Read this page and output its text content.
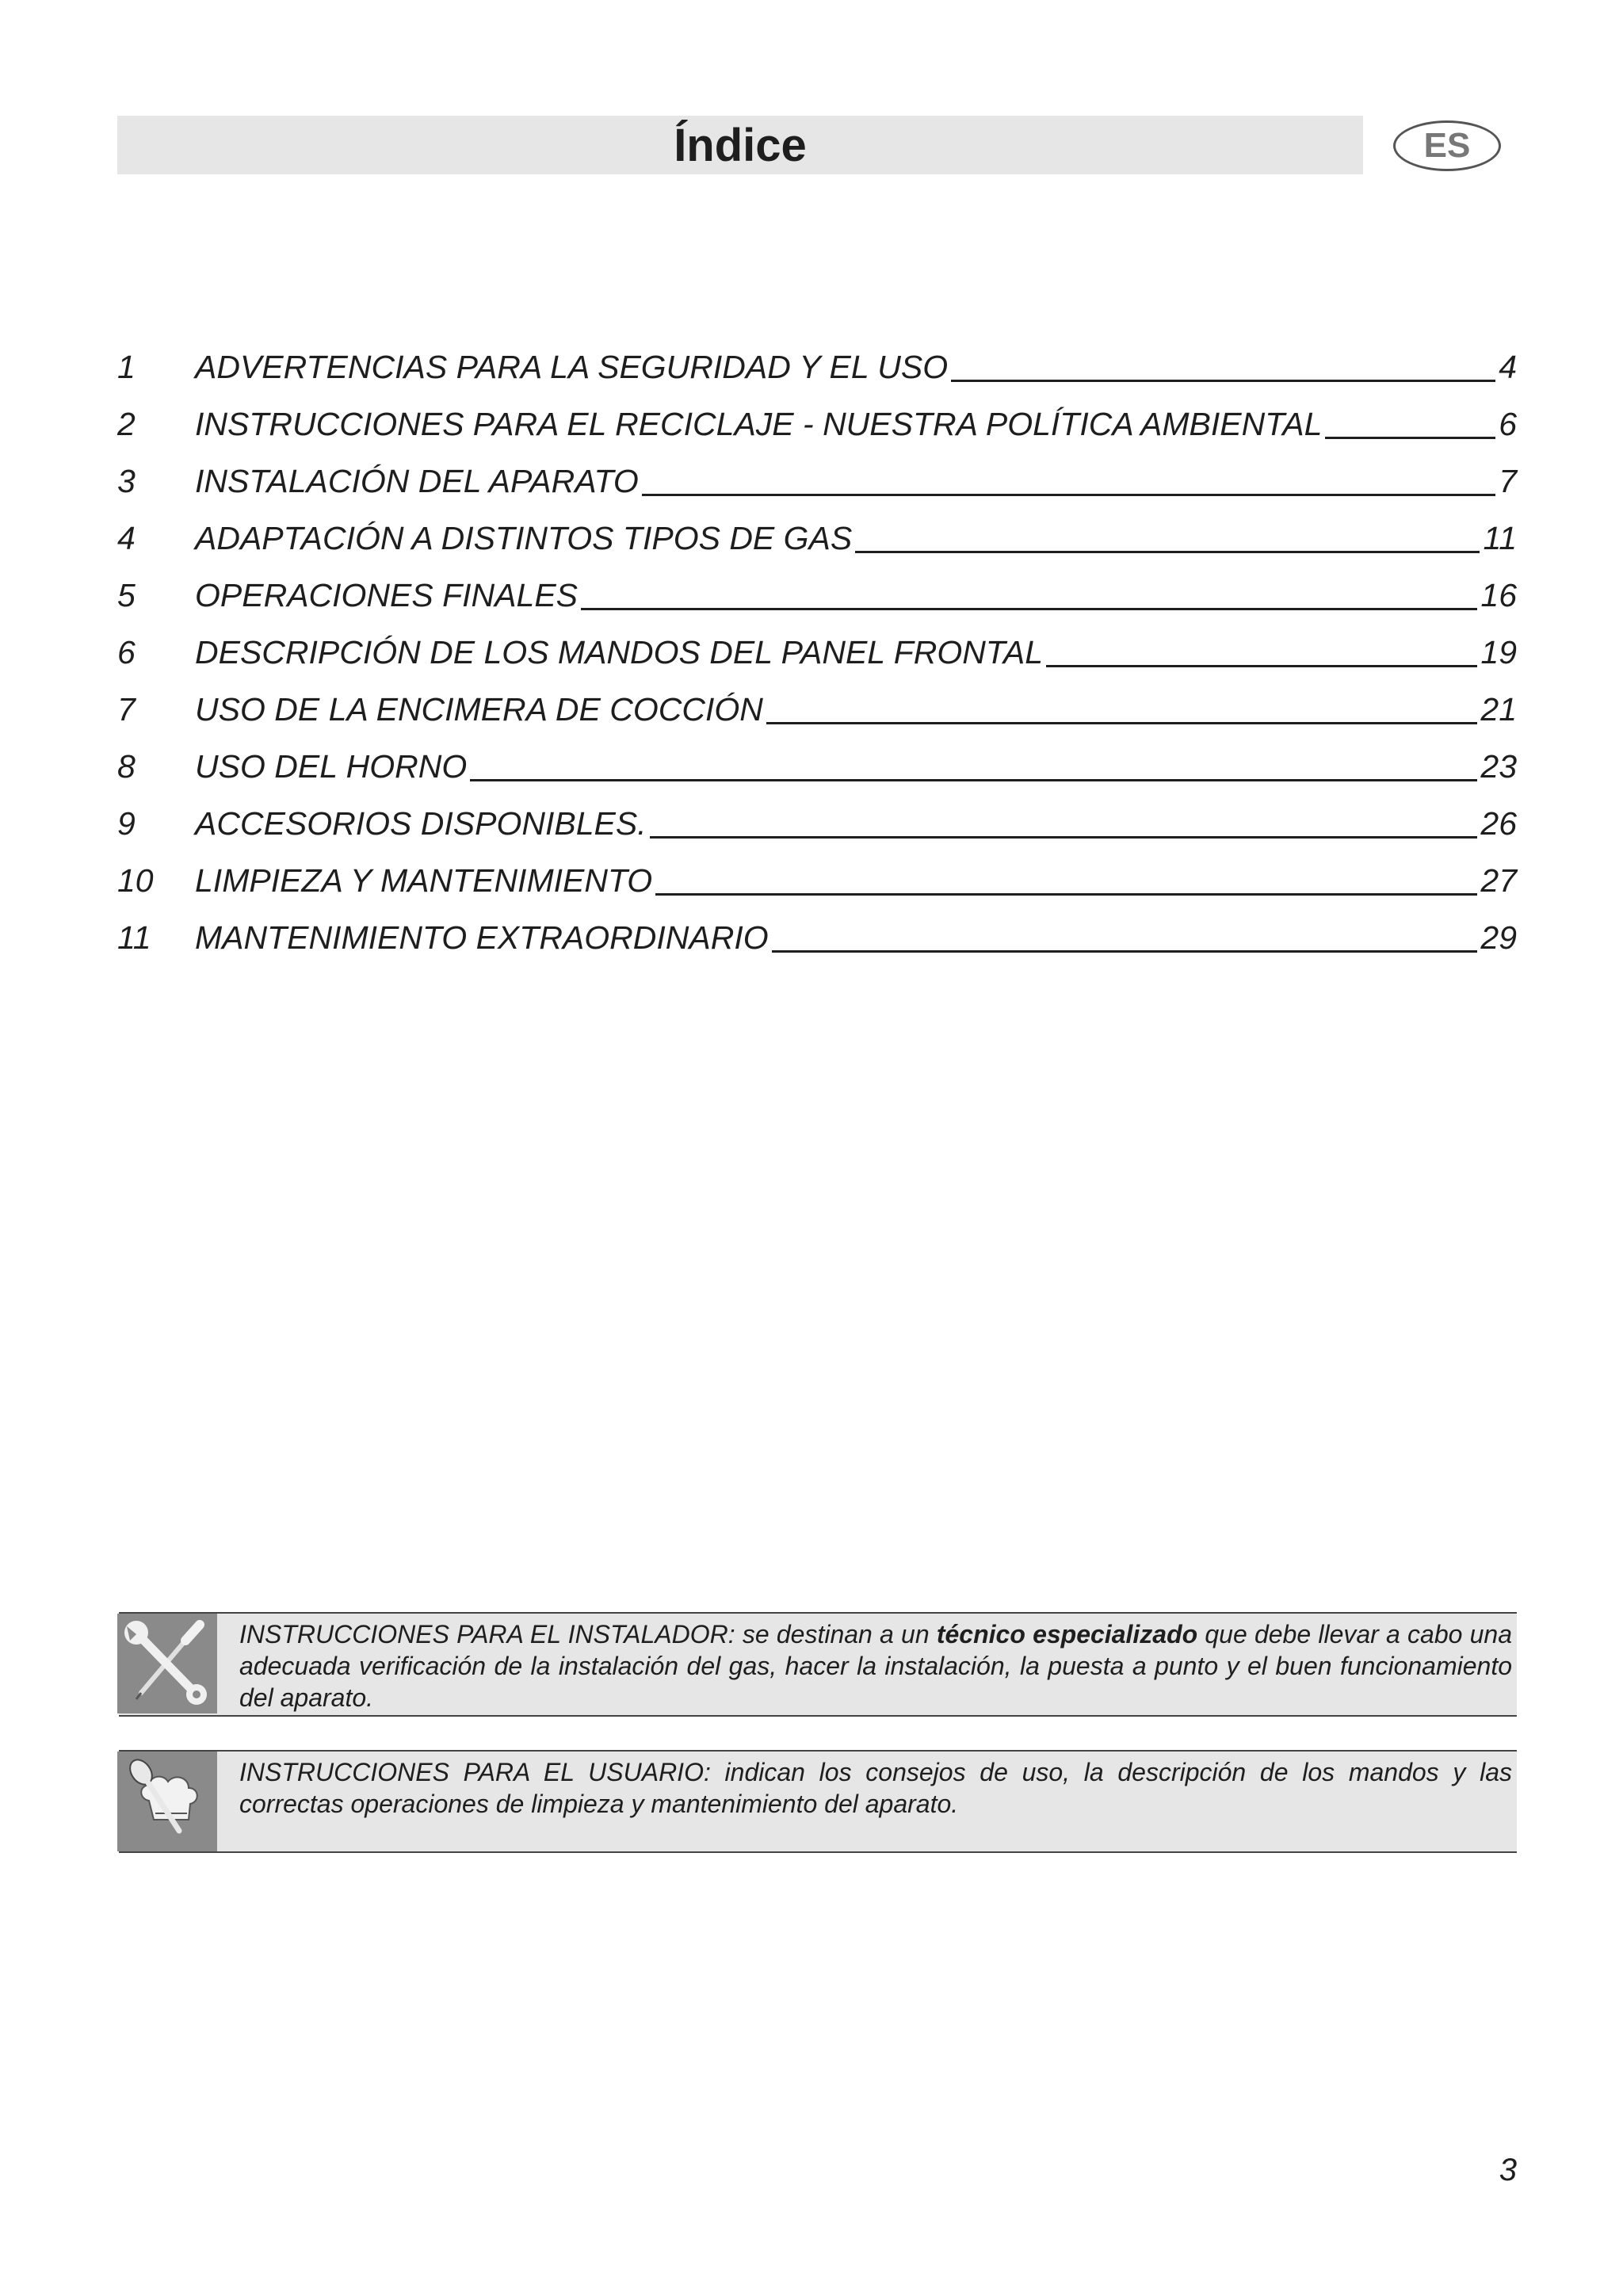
Índice	ES
1	ADVERTENCIAS PARA LA SEGURIDAD Y EL USO	4
2	INSTRUCCIONES PARA EL RECICLAJE - NUESTRA POLÍTICA AMBIENTAL	6
3	INSTALACIÓN DEL APARATO	7
4	ADAPTACIÓN A DISTINTOS TIPOS DE GAS	11
5	OPERACIONES FINALES	16
6	DESCRIPCIÓN DE LOS MANDOS DEL PANEL FRONTAL	19
7	USO DE LA ENCIMERA DE COCCIÓN	21
8	USO DEL HORNO	23
9	ACCESORIOS DISPONIBLES.	26
10	LIMPIEZA Y MANTENIMIENTO	27
11	MANTENIMIENTO EXTRAORDINARIO	29
INSTRUCCIONES PARA EL INSTALADOR: se destinan a un técnico especializado que debe llevar a cabo una adecuada verificación de la instalación del gas, hacer la instalación, la puesta a punto y el buen funcionamiento del aparato.
INSTRUCCIONES PARA EL USUARIO: indican los consejos de uso, la descripción de los mandos y las correctas operaciones de limpieza y mantenimiento del aparato.
3
